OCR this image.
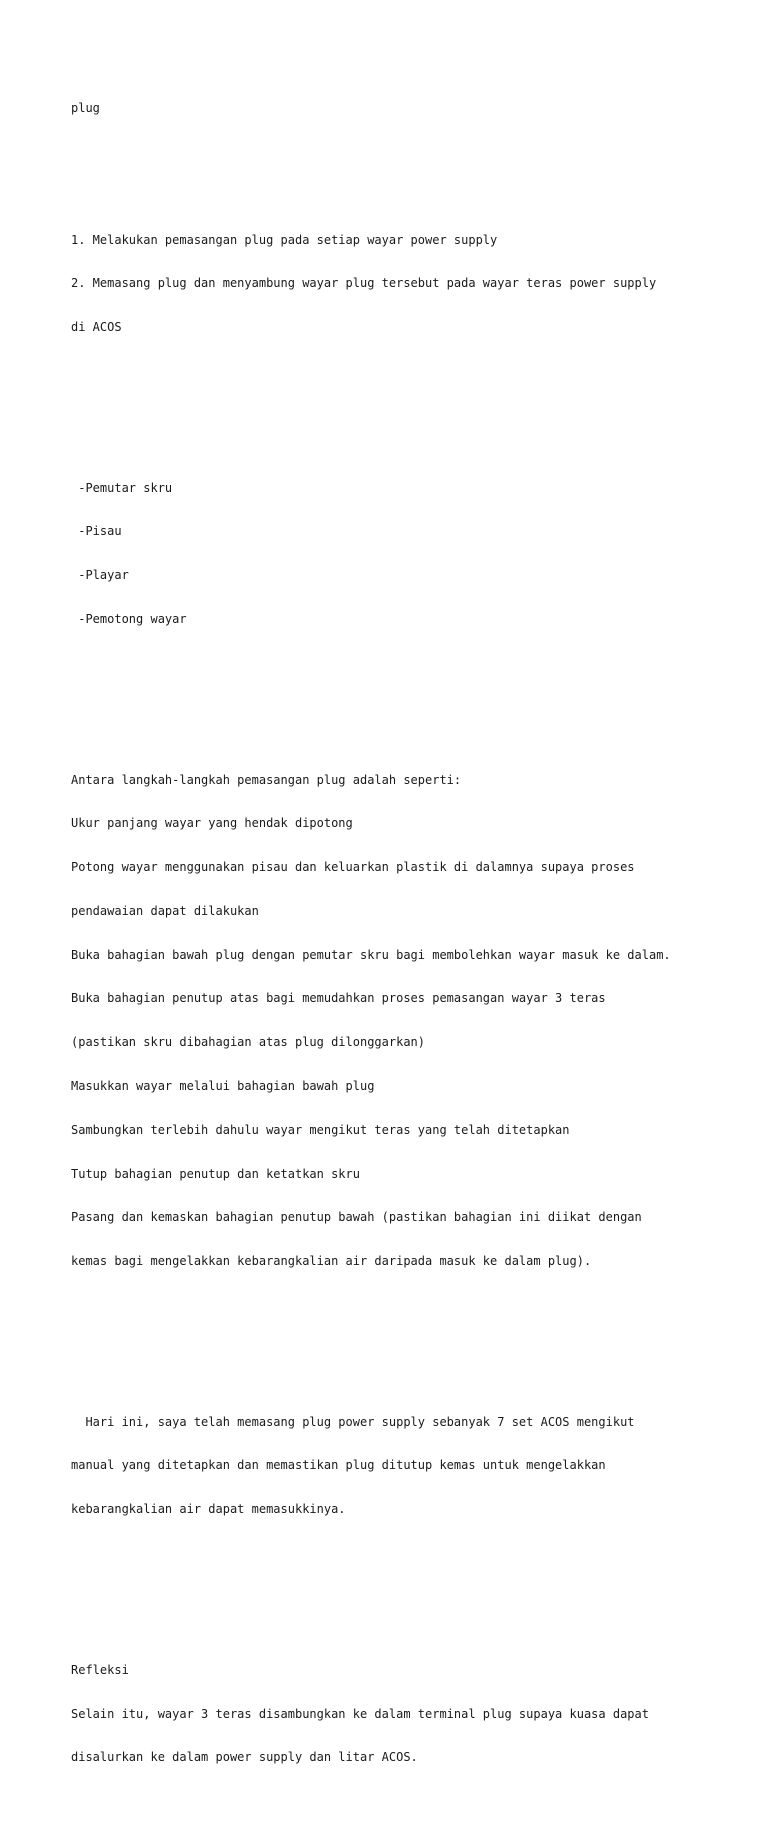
plug

1. Melakukan pemasangan plug pada setiap wayar power supply

2. Memasang plug dan menyambung wayar plug tersebut pada wayar teras power supply

di ACOS

-Pemutar skru

-Pisau

-Playar

-Pemotong wayar

Antara langkah-langkah pemasangan plug adalah seperti:

Ukur panjang wayar yang hendak dipotong

Potong wayar menggunakan pisau dan keluarkan plastik di dalamnya supaya proses

pendawaian dapat dilakukan

Buka bahagian bawah plug dengan pemutar skru bagi membolehkan wayar masuk ke dalam.

Buka bahagian penutup atas bagi memudahkan proses pemasangan wayar 3 teras

(pastikan skru dibahagian atas plug dilonggarkan)

Masukkan wayar melalui bahagian bawah plug

Sambungkan terlebih dahulu wayar mengikut teras yang telah ditetapkan

Tutup bahagian penutup dan ketatkan skru

Pasang dan kemaskan bahagian penutup bawah (pastikan bahagian ini diikat dengan

kemas bagi mengelakkan kebarangkalian air daripada masuk ke dalam plug).

Hari ini, saya telah memasang plug power supply sebanyak 7 set ACOS mengikut

manual yang ditetapkan dan memastikan plug ditutup kemas untuk mengelakkan

kebarangkalian air dapat memasukkinya.

Refleksi

Selain itu, wayar 3 teras disambungkan ke dalam terminal plug supaya kuasa dapat

disalurkan ke dalam power supply dan litar ACOS.
